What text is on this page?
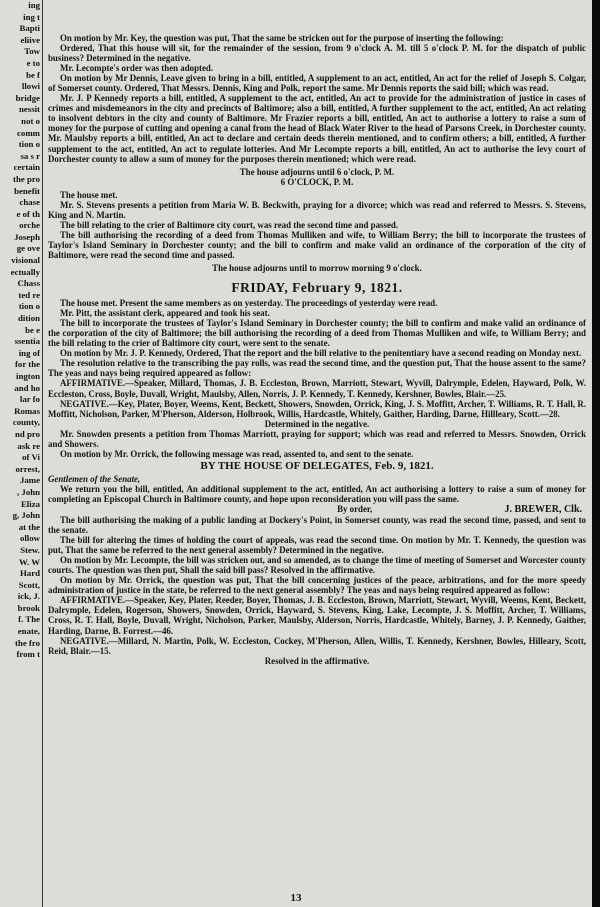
ing
ing t
Bapti
eliive
Tow
e to
be f
llowi
bridge
nessit
not o
comm
tion o
sa s r
certain
the pro
benefit
chase
e of th
orche
Joseph
ge ove
visional
ectually
Chass
ted re
tion o
dition
be e
ssentia
ing of
for the
ington
and ho
lar fo
Romas
county,
nd pro
ask re
of Vi
orrest,
Jame
, John
Eliza
g, John
at the
ollow
Stew.
W. W
Hard
Scott,
ick, J.
brook
f. The
enate,
the fro
from t

On motion by Mr. Key, the question was put, That the same be stricken out for the purpose of inserting the following:

Ordered, That this house will sit, for the remainder of the session, from 9 o'clock A. M. till 5 o'clock P. M. for the dispatch of public business? Determined in the negative.

Mr. Lecompte's order was then adopted.

On motion by Mr Dennis, Leave given to bring in a bill, entitled, A supplement to an act, entitled, An act for the relief of Joseph S. Colgar, of Somerset county. Ordered, That Messrs. Dennis, King and Polk, report the same. Mr Dennis reports the said bill; which was read.

Mr. J. P Kennedy reports a bill, entitled, A supplement to the act, entitled, An act to provide for the administration of justice in cases of crimes and misdemeanors in the city and precincts of Baltimore; also a bill, entitled, A further supplement to the act, entitled, An act relating to insolvent debtors in the city and county of Baltimore. Mr Frazier reports a bill, entitled, An act to authorise a lottery to raise a sum of money for the purpose of cutting and opening a canal from the head of Black Water River to the head of Parsons Creek, in Dorchester county. Mr. Maulsby reports a bill, entitled, An act to declare and certain deeds therein mentioned, and to confirm others; a bill, entitled, A further supplement to the act, entitled, An act to regulate lotteries. And Mr Lecompte reports a bill, entitled, An act to authorise the levy court of Dorchester county to allow a sum of money for the purposes therein mentioned; which were read.

The house adjourns until 6 o'clock, P. M.

6 O'CLOCK, P. M.

The house met.

Mr. S. Stevens presents a petition from Maria W. B. Beckwith, praying for a divorce; which was read and referred to Messrs. S. Stevens, King and N. Martin.

The bill relating to the crier of Baltimore city court, was read the second time and passed.

The bill authorising the recording of a deed from Thomas Mulliken and wife, to William Berry; the bill to incorporate the trustees of Taylor's Island Seminary in Dorchester county; and the bill to confirm and make valid an ordinance of the corporation of the city of Baltimore, were read the second time and passed.

The house adjourns until to morrow morning 9 o'clock.

FRIDAY, February 9, 1821.

The house met. Present the same members as on yesterday. The proceedings of yesterday were read.

Mr. Pitt, the assistant clerk, appeared and took his seat.

The bill to incorporate the trustees of Taylor's Island Seminary in Dorchester county; the bill to confirm and make valid an ordinance of the corporation of the city of Baltimore; the bill authorising the recording of a deed from Thomas Mulliken and wife, to William Berry; and the bill relating to the crier of Baltimore city court, were sent to the senate.

On motion by Mr. J. P. Kennedy, Ordered, That the report and the bill relative to the penitentiary have a second reading on Monday next.

The resolution relative to the transcribing the pay rolls, was read the second time, and the question put, That the house assent to the same? The yeas and nays being required appeared as follow:

AFFIRMATIVE.—Speaker, Millard, Thomas, J. B. Eccleston, Brown, Marriott, Stewart, Wyvill, Dalrymple, Edelen, Hayward, Polk, W. Eccleston, Cross, Boyle, Duvall, Wright, Maulsby, Allen, Norris, J. P. Kennedy, T. Kennedy, Kershner, Bowles, Blair.—25.

NEGATIVE.—Key, Plater, Boyer, Weems, Kent, Beckett, Showers, Snowden, Orrick, King, J. S. Moffitt, Archer, T. Williams, R. T. Hall, R. Moffitt, Nicholson, Parker, M'Pherson, Alderson, Holbrook, Willis, Hardcastle, Whitely, Gaither, Harding, Darne, Hillleary, Scott.—28.

Determined in the negative.

Mr. Snowden presents a petition from Thomas Marriott, praying for support; which was read and referred to Messrs. Snowden, Orrick and Showers.

On motion by Mr. Orrick, the following message was read, assented to, and sent to the senate.

BY THE HOUSE OF DELEGATES, Feb. 9, 1821.

Gentlemen of the Senate,

We return you the bill, entitled, An additional supplement to the act, entitled, An act authorising a lottery to raise a sum of money for completing an Episcopal Church in Baltimore county, and hope upon reconsideration you will pass the same.

By order,	J. BREWER, Clk.

The bill authorising the making of a public landing at Dockery's Point, in Somerset county, was read the second time, passed, and sent to the senate.

The bill for altering the times of holding the court of appeals, was read the second time. On motion by Mr. T. Kennedy, the question was put, That the same be referred to the next general assembly? Determined in the negative.

On motion by Mr. Lecompte, the bill was stricken out, and so amended, as to change the time of meeting of Somerset and Worcester county courts. The question was then put, Shall the said bill pass? Resolved in the affirmative.

On motion by Mr. Orrick, the question was put, That the bill concerning justices of the peace, arbitrations, and for the more speedy administration of justice in the state, be referred to the next general assembly? The yeas and nays being required appeared as follow:

AFFIRMATIVE.—Speaker, Key, Plater, Reeder, Boyer, Thomas, J. B. Eccleston, Brown, Marriott, Stewart, Wyvill, Weems, Kent, Beckett, Dalrymple, Edelen, Rogerson, Showers, Snowden, Orrick, Hayward, S. Stevens, King, Lake, Lecompte, J. S. Moffitt, Archer, T. Williams, Cross, R. T. Hall, Boyle, Duvall, Wright, Nicholson, Parker, Maulsby, Alderson, Norris, Hardcastle, Whitely, Barney, J. P. Kennedy, Gaither, Harding, Darne, B. Forrest.—46.

NEGATIVE.—Millard, N. Martin, Polk, W. Eccleston, Cockey, M'Pherson, Allen, Willis, T. Kennedy, Kershner, Bowles, Hilleary, Scott, Reid, Blair.—15.

Resolved in the affirmative.

13
